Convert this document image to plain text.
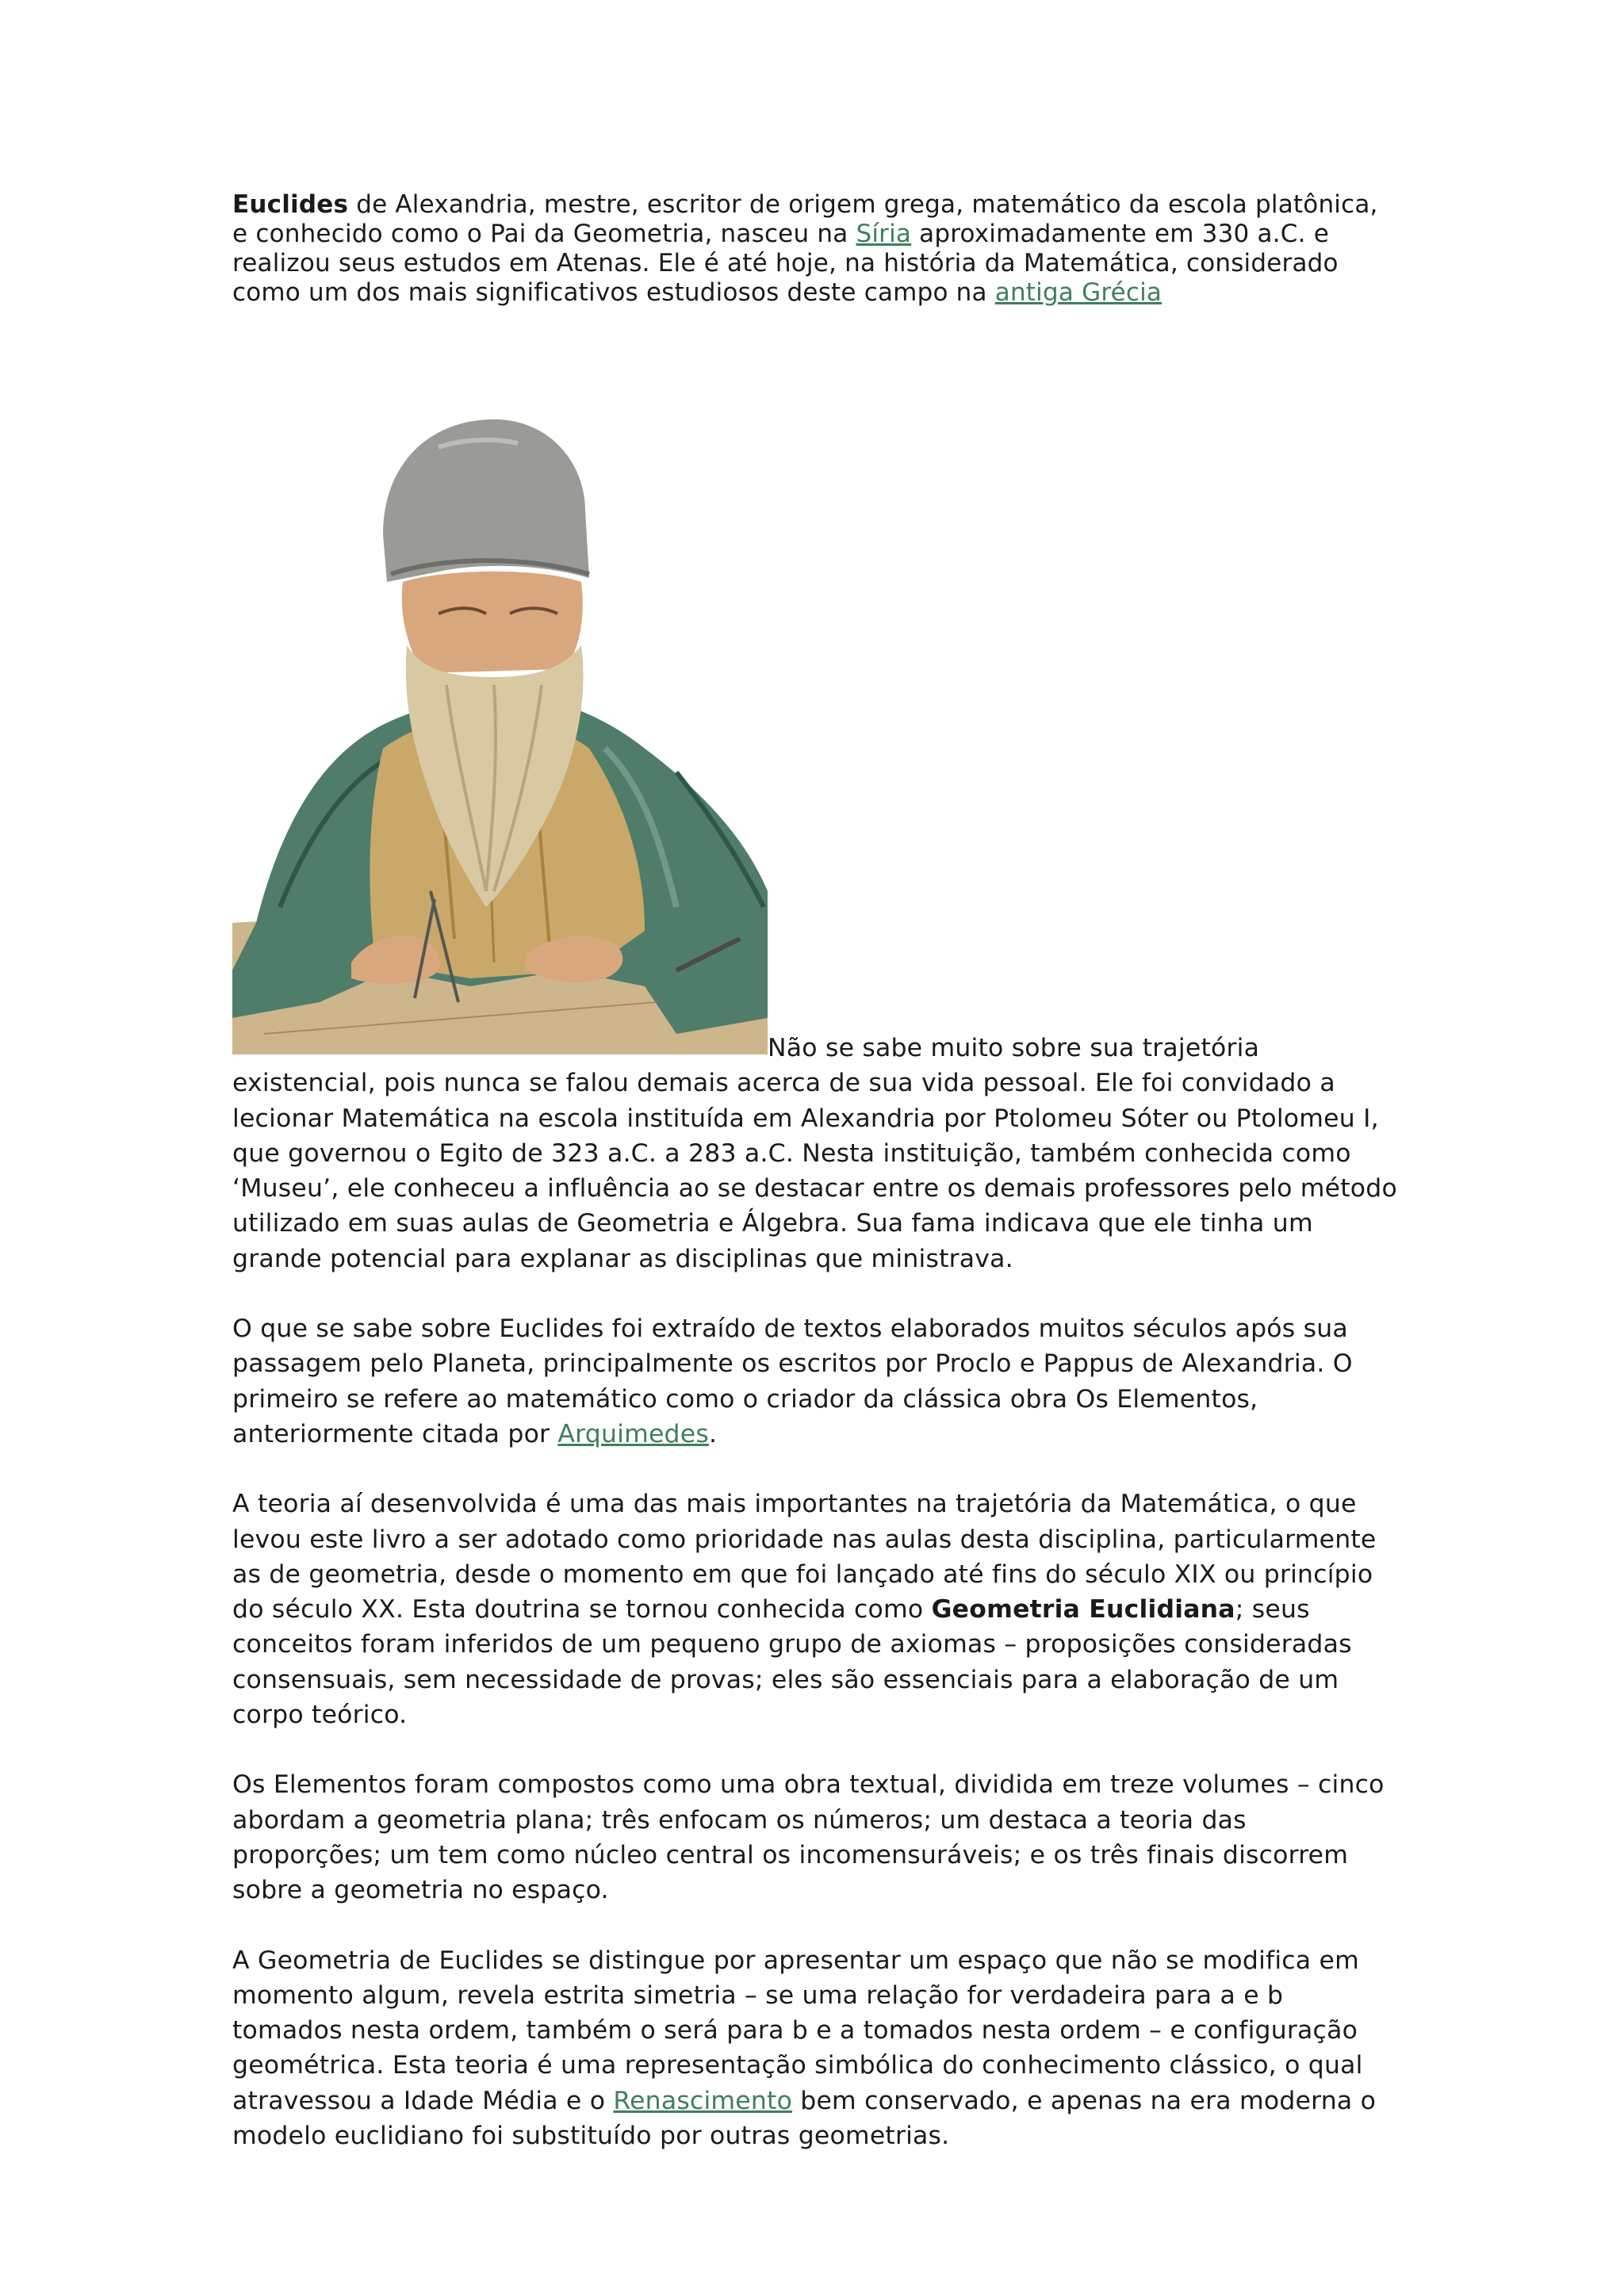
Euclides de Alexandria, mestre, escritor de origem grega, matemático da escola platônica, e conhecido como o Pai da Geometria, nasceu na Síria aproximadamente em 330 a.C. e realizou seus estudos em Atenas. Ele é até hoje, na história da Matemática, considerado como um dos mais significativos estudiosos deste campo na antiga Grécia

Não se sabe muito sobre sua trajetória existencial, pois nunca se falou demais acerca de sua vida pessoal. Ele foi convidado a lecionar Matemática na escola instituída em Alexandria por Ptolomeu Sóter ou Ptolomeu I, que governou o Egito de 323 a.C. a 283 a.C. Nesta instituição, também conhecida como ‘Museu’, ele conheceu a influência ao se destacar entre os demais professores pelo método utilizado em suas aulas de Geometria e Álgebra. Sua fama indicava que ele tinha um grande potencial para explanar as disciplinas que ministrava.

O que se sabe sobre Euclides foi extraído de textos elaborados muitos séculos após sua passagem pelo Planeta, principalmente os escritos por Proclo e Pappus de Alexandria. O primeiro se refere ao matemático como o criador da clássica obra Os Elementos, anteriormente citada por Arquimedes.

A teoria aí desenvolvida é uma das mais importantes na trajetória da Matemática, o que levou este livro a ser adotado como prioridade nas aulas desta disciplina, particularmente as de geometria, desde o momento em que foi lançado até fins do século XIX ou princípio do século XX. Esta doutrina se tornou conhecida como Geometria Euclidiana; seus conceitos foram inferidos de um pequeno grupo de axiomas – proposições consideradas consensuais, sem necessidade de provas; eles são essenciais para a elaboração de um corpo teórico.

Os Elementos foram compostos como uma obra textual, dividida em treze volumes – cinco abordam a geometria plana; três enfocam os números; um destaca a teoria das proporções; um tem como núcleo central os incomensuráveis; e os três finais discorrem sobre a geometria no espaço.

A Geometria de Euclides se distingue por apresentar um espaço que não se modifica em momento algum, revela estrita simetria – se uma relação for verdadeira para a e b tomados nesta ordem, também o será para b e a tomados nesta ordem – e configuração geométrica. Esta teoria é uma representação simbólica do conhecimento clássico, o qual atravessou a Idade Média e o Renascimento bem conservado, e apenas na era moderna o modelo euclidiano foi substituído por outras geometrias.
